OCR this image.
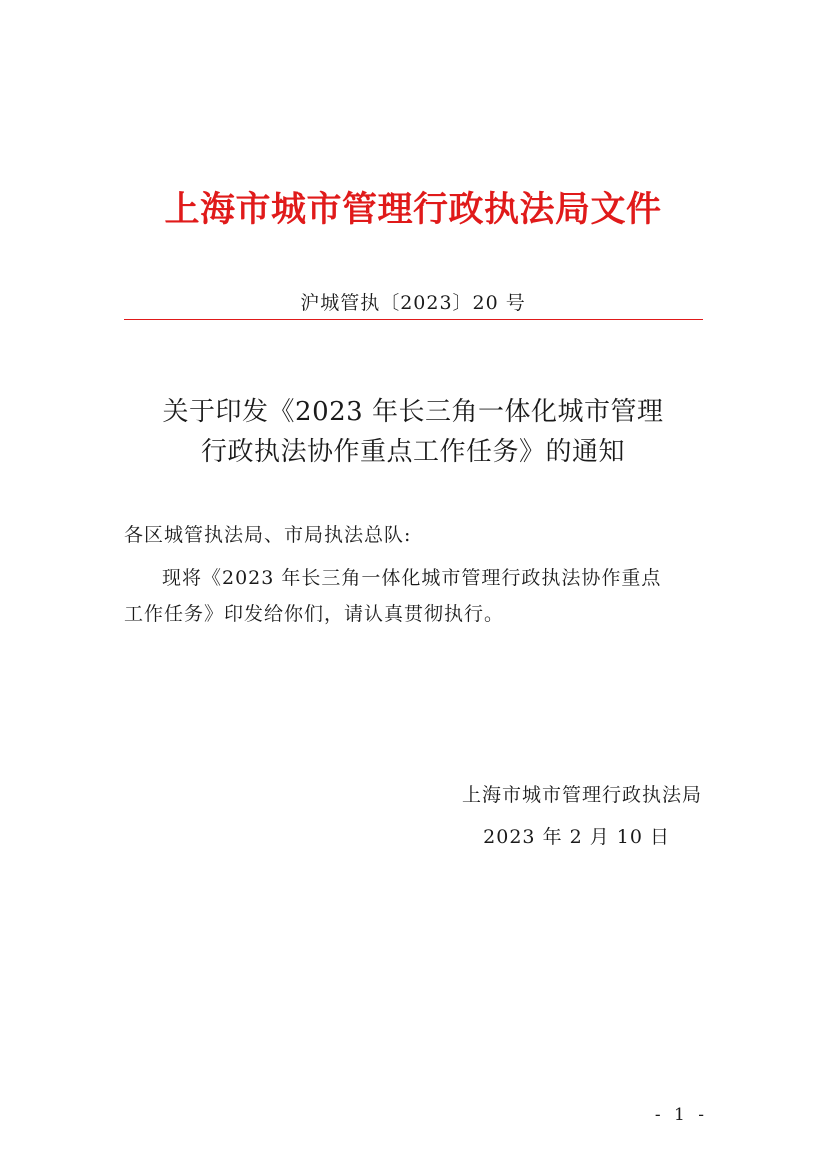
上海市城市管理行政执法局文件
沪城管执〔2023〕20 号
关于印发《2023 年长三角一体化城市管理
行政执法协作重点工作任务》的通知
各区城管执法局、市局执法总队:
现将《2023 年长三角一体化城市管理行政执法协作重点
工作任务》印发给你们，请认真贯彻执行。
上海市城市管理行政执法局
2023 年 2 月 10 日
- 1 -
